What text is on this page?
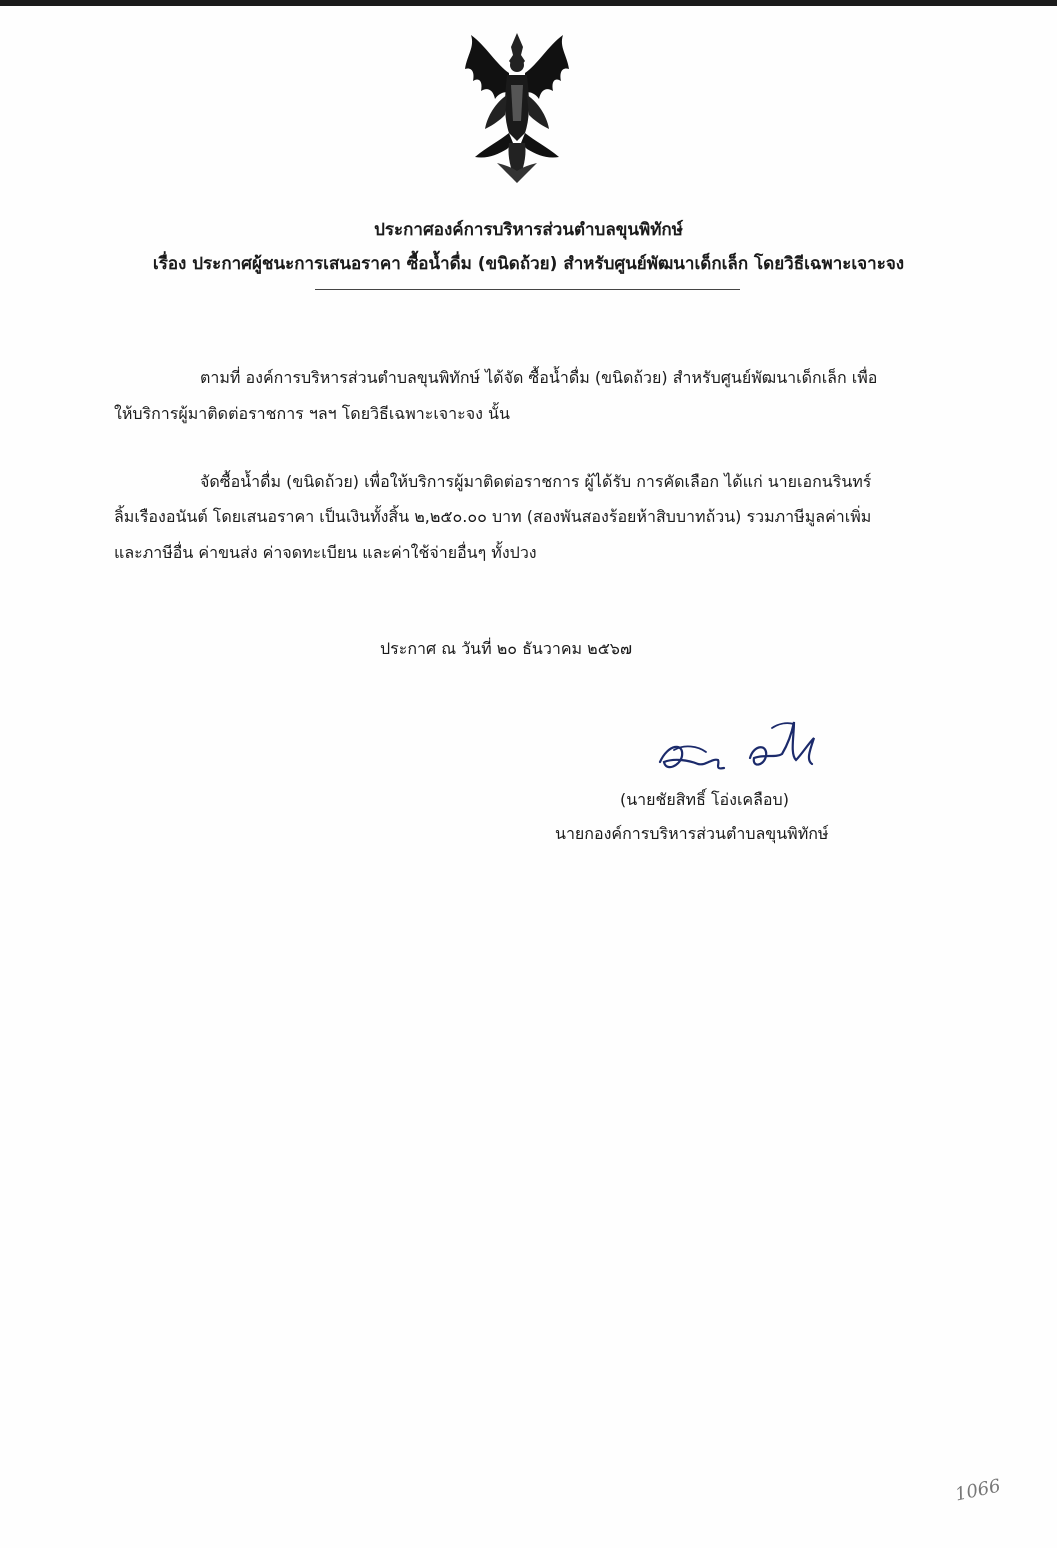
ประกาศองค์การบริหารส่วนตำบลขุนพิทักษ์
เรื่อง ประกาศผู้ชนะการเสนอราคา ซื้อน้ำดื่ม (ขนิดถ้วย) สำหรับศูนย์พัฒนาเด็กเล็ก โดยวิธีเฉพาะเจาะจง
ตามที่ องค์การบริหารส่วนตำบลขุนพิทักษ์ ได้จัด ซื้อน้ำดื่ม (ขนิดถ้วย) สำหรับศูนย์พัฒนาเด็กเล็ก เพื่อ
ให้บริการผู้มาติดต่อราชการ ฯลฯ โดยวิธีเฉพาะเจาะจง นั้น
จัดซื้อน้ำดื่ม (ขนิดถ้วย) เพื่อให้บริการผู้มาติดต่อราชการ ผู้ได้รับ การคัดเลือก ได้แก่ นายเอกนรินทร์
ลิ้มเรืองอนันต์ โดยเสนอราคา เป็นเงินทั้งสิ้น ๒,๒๕๐.๐๐ บาท (สองพันสองร้อยห้าสิบบาทถ้วน) รวมภาษีมูลค่าเพิ่ม
และภาษีอื่น ค่าขนส่ง ค่าจดทะเบียน และค่าใช้จ่ายอื่นๆ ทั้งปวง
ประกาศ ณ วันที่ ๒๐ ธันวาคม ๒๕๖๗
(นายชัยสิทธิ์ โอ่งเคลือบ)
นายกองค์การบริหารส่วนตำบลขุนพิทักษ์
1066
